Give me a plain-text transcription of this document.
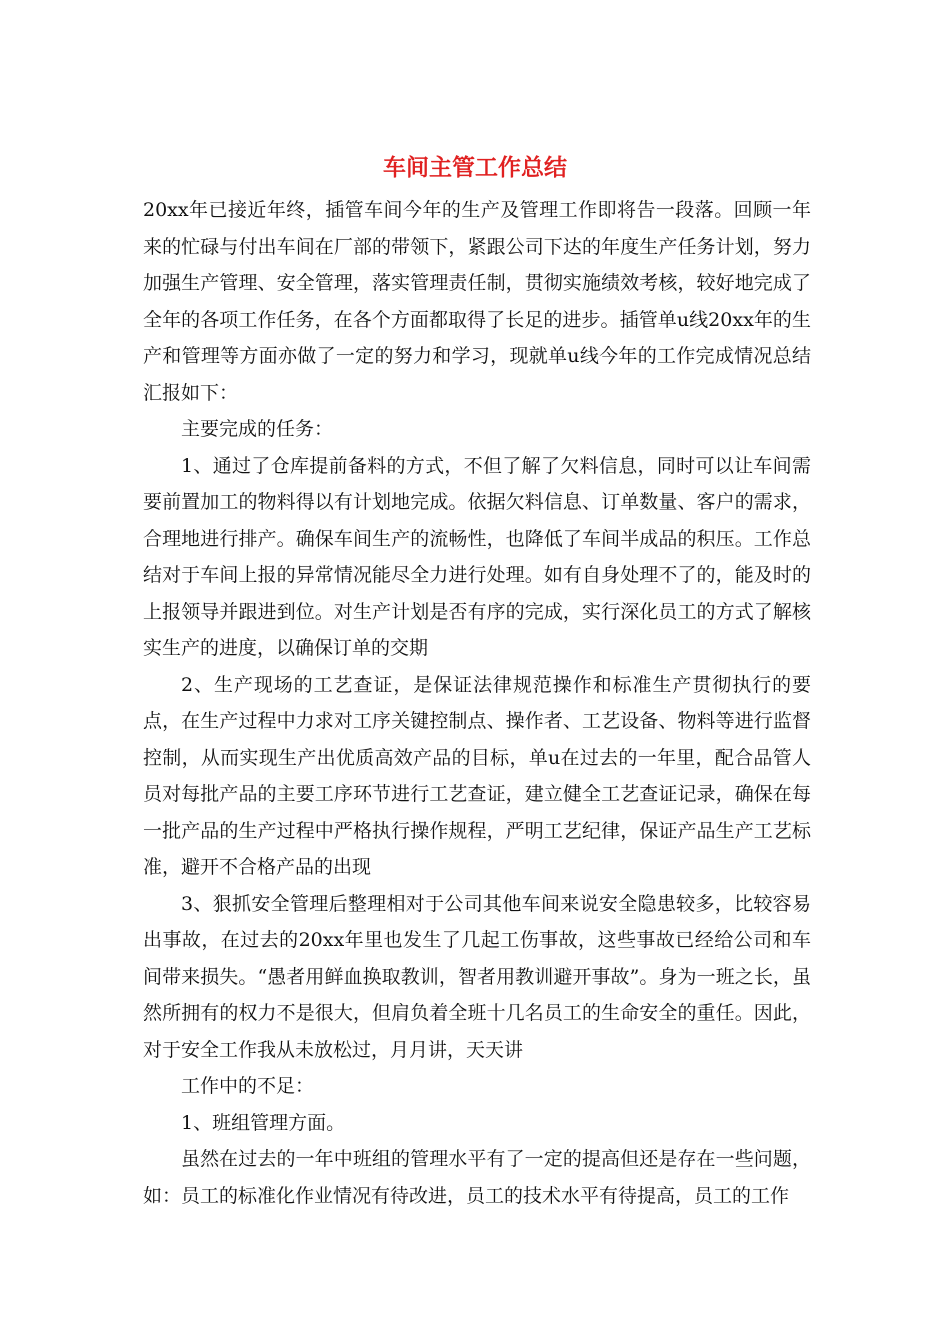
车间主管工作总结

20xx年已接近年终，插管车间今年的生产及管理工作即将告一段落。回顾一年来的忙碌与付出车间在厂部的带领下，紧跟公司下达的年度生产任务计划，努力加强生产管理、安全管理，落实管理责任制，贯彻实施绩效考核，较好地完成了全年的各项工作任务，在各个方面都取得了长足的进步。插管单u线20xx年的生产和管理等方面亦做了一定的努力和学习，现就单u线今年的工作完成情况总结汇报如下：

主要完成的任务：

1、通过了仓库提前备料的方式，不但了解了欠料信息，同时可以让车间需要前置加工的物料得以有计划地完成。依据欠料信息、订单数量、客户的需求，合理地进行排产。确保车间生产的流畅性，也降低了车间半成品的积压。工作总结对于车间上报的异常情况能尽全力进行处理。如有自身处理不了的，能及时的上报领导并跟进到位。对生产计划是否有序的完成，实行深化员工的方式了解核实生产的进度，以确保订单的交期

2、生产现场的工艺查证，是保证法律规范操作和标准生产贯彻执行的要点，在生产过程中力求对工序关键控制点、操作者、工艺设备、物料等进行监督控制，从而实现生产出优质高效产品的目标，单u在过去的一年里，配合品管人员对每批产品的主要工序环节进行工艺查证，建立健全工艺查证记录，确保在每一批产品的生产过程中严格执行操作规程，严明工艺纪律，保证产品生产工艺标准，避开不合格产品的出现

3、狠抓安全管理后整理相对于公司其他车间来说安全隐患较多，比较容易出事故，在过去的20xx年里也发生了几起工伤事故，这些事故已经给公司和车间带来损失。“愚者用鲜血换取教训，智者用教训避开事故”。身为一班之长，虽然所拥有的权力不是很大，但肩负着全班十几名员工的生命安全的重任。因此，对于安全工作我从未放松过，月月讲，天天讲

工作中的不足：

1、班组管理方面。

虽然在过去的一年中班组的管理水平有了一定的提高但还是存在一些问题，如：员工的标准化作业情况有待改进，员工的技术水平有待提高，员工的工作
